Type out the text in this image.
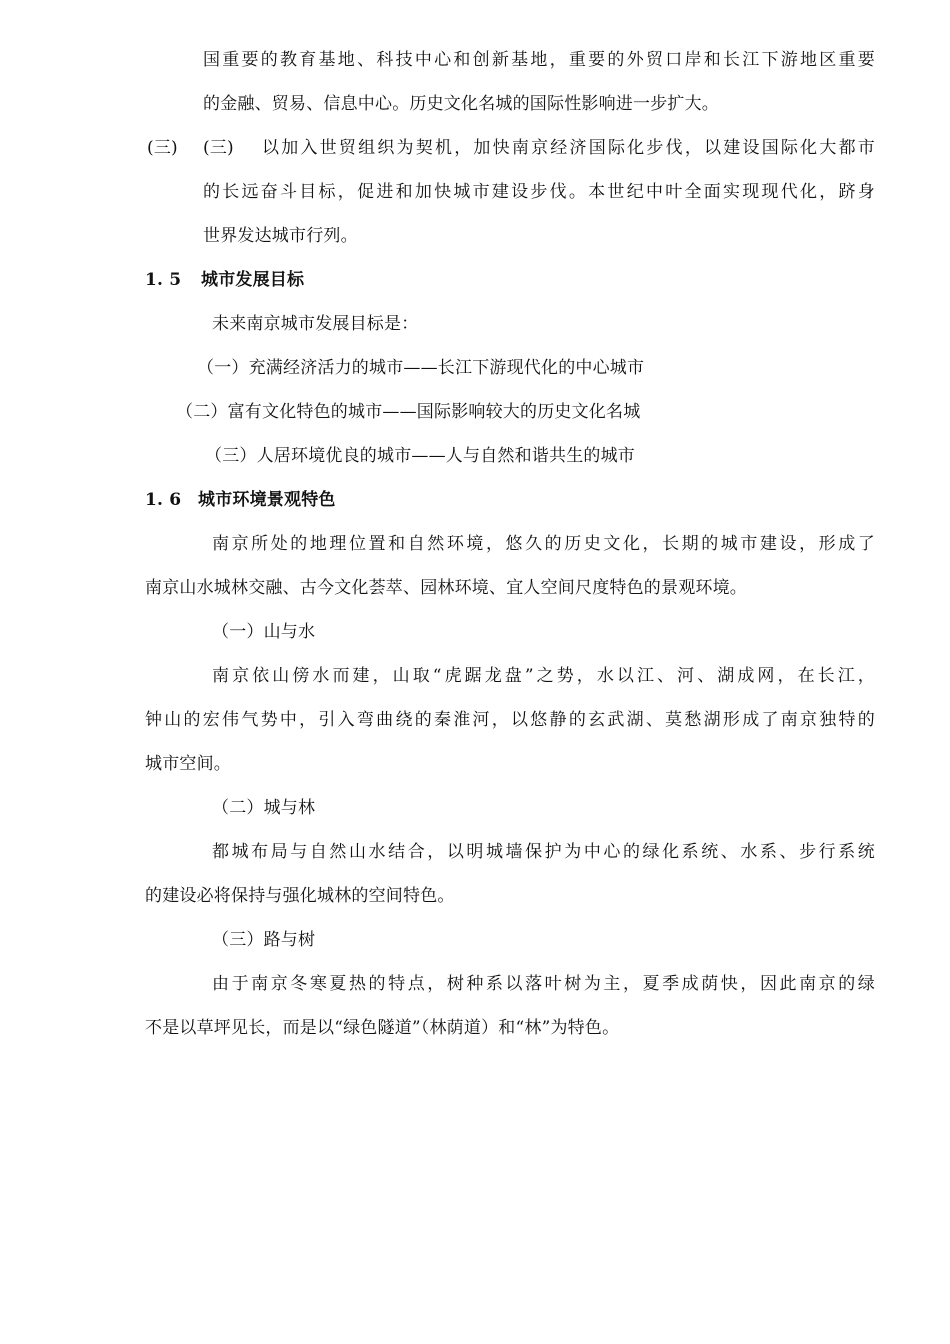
国重要的教育基地、科技中心和创新基地，重要的外贸口岸和长江下游地区重要
的金融、贸易、信息中心。历史文化名城的国际性影响进一步扩大。
(三) (三) 以加入世贸组织为契机，加快南京经济国际化步伐，以建设国际化大都市
的长远奋斗目标，促进和加快城市建设步伐。本世纪中叶全面实现现代化，跻身
世界发达城市行列。
1. 5 城市发展目标
未来南京城市发展目标是：
（一）充满经济活力的城市——长江下游现代化的中心城市
（二）富有文化特色的城市——国际影响较大的历史文化名城
（三）人居环境优良的城市——人与自然和谐共生的城市
1. 6 城市环境景观特色
南京所处的地理位置和自然环境，悠久的历史文化，长期的城市建设，形成了
南京山水城林交融、古今文化荟萃、园林环境、宜人空间尺度特色的景观环境。
（一）山与水
南京依山傍水而建，山取“虎踞龙盘”之势，水以江、河、湖成网，在长江，
钟山的宏伟气势中，引入弯曲绕的秦淮河，以悠静的玄武湖、莫愁湖形成了南京独特的
城市空间。
（二）城与林
都城布局与自然山水结合，以明城墙保护为中心的绿化系统、水系、步行系统
的建设必将保持与强化城林的空间特色。
（三）路与树
由于南京冬寒夏热的特点，树种系以落叶树为主，夏季成荫快，因此南京的绿
不是以草坪见长，而是以“绿色隧道”（林荫道）和“林”为特色。
